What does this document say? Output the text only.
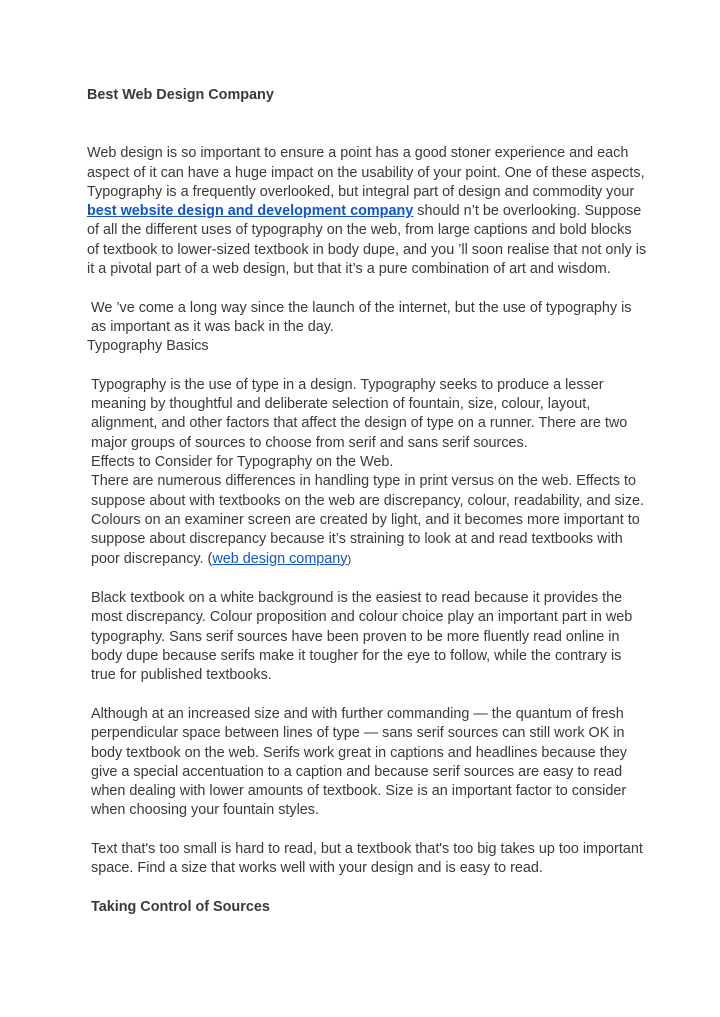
Best Web Design Company

Web design is so important to ensure a point has a good stoner experience and each aspect of it can have a huge impact on the usability of your point. One of these aspects, Typography is a frequently overlooked, but integral part of design and commodity your best website design and development company should n’t be overlooking. Suppose of all the different uses of typography on the web, from large captions and bold blocks of textbook to lower-sized textbook in body dupe, and you ’ll soon realise that not only is it a pivotal part of a web design, but that it’s a pure combination of art and wisdom.

We ’ve come a long way since the launch of the internet, but the use of typography is as important as it was back in the day.

Typography Basics

Typography is the use of type in a design. Typography seeks to produce a lesser meaning by thoughtful and deliberate selection of fountain, size, colour, layout, alignment, and other factors that affect the design of type on a runner. There are two major groups of sources to choose from serif and sans serif sources.

Effects to Consider for Typography on the Web.

There are numerous differences in handling type in print versus on the web. Effects to suppose about with textbooks on the web are discrepancy, colour, readability, and size. Colours on an examiner screen are created by light, and it becomes more important to suppose about discrepancy because it’s straining to look at and read textbooks with poor discrepancy. (web design company)

Black textbook on a white background is the easiest to read because it provides the most discrepancy. Colour proposition and colour choice play an important part in web typography. Sans serif sources have been proven to be more fluently read online in body dupe because serifs make it tougher for the eye to follow, while the contrary is true for published textbooks.

Although at an increased size and with further commanding — the quantum of fresh perpendicular space between lines of type — sans serif sources can still work OK in body textbook on the web. Serifs work great in captions and headlines because they give a special accentuation to a caption and because serif sources are easy to read when dealing with lower amounts of textbook. Size is an important factor to consider when choosing your fountain styles.

Text that's too small is hard to read, but a textbook that's too big takes up too important space. Find a size that works well with your design and is easy to read.

Taking Control of Sources
